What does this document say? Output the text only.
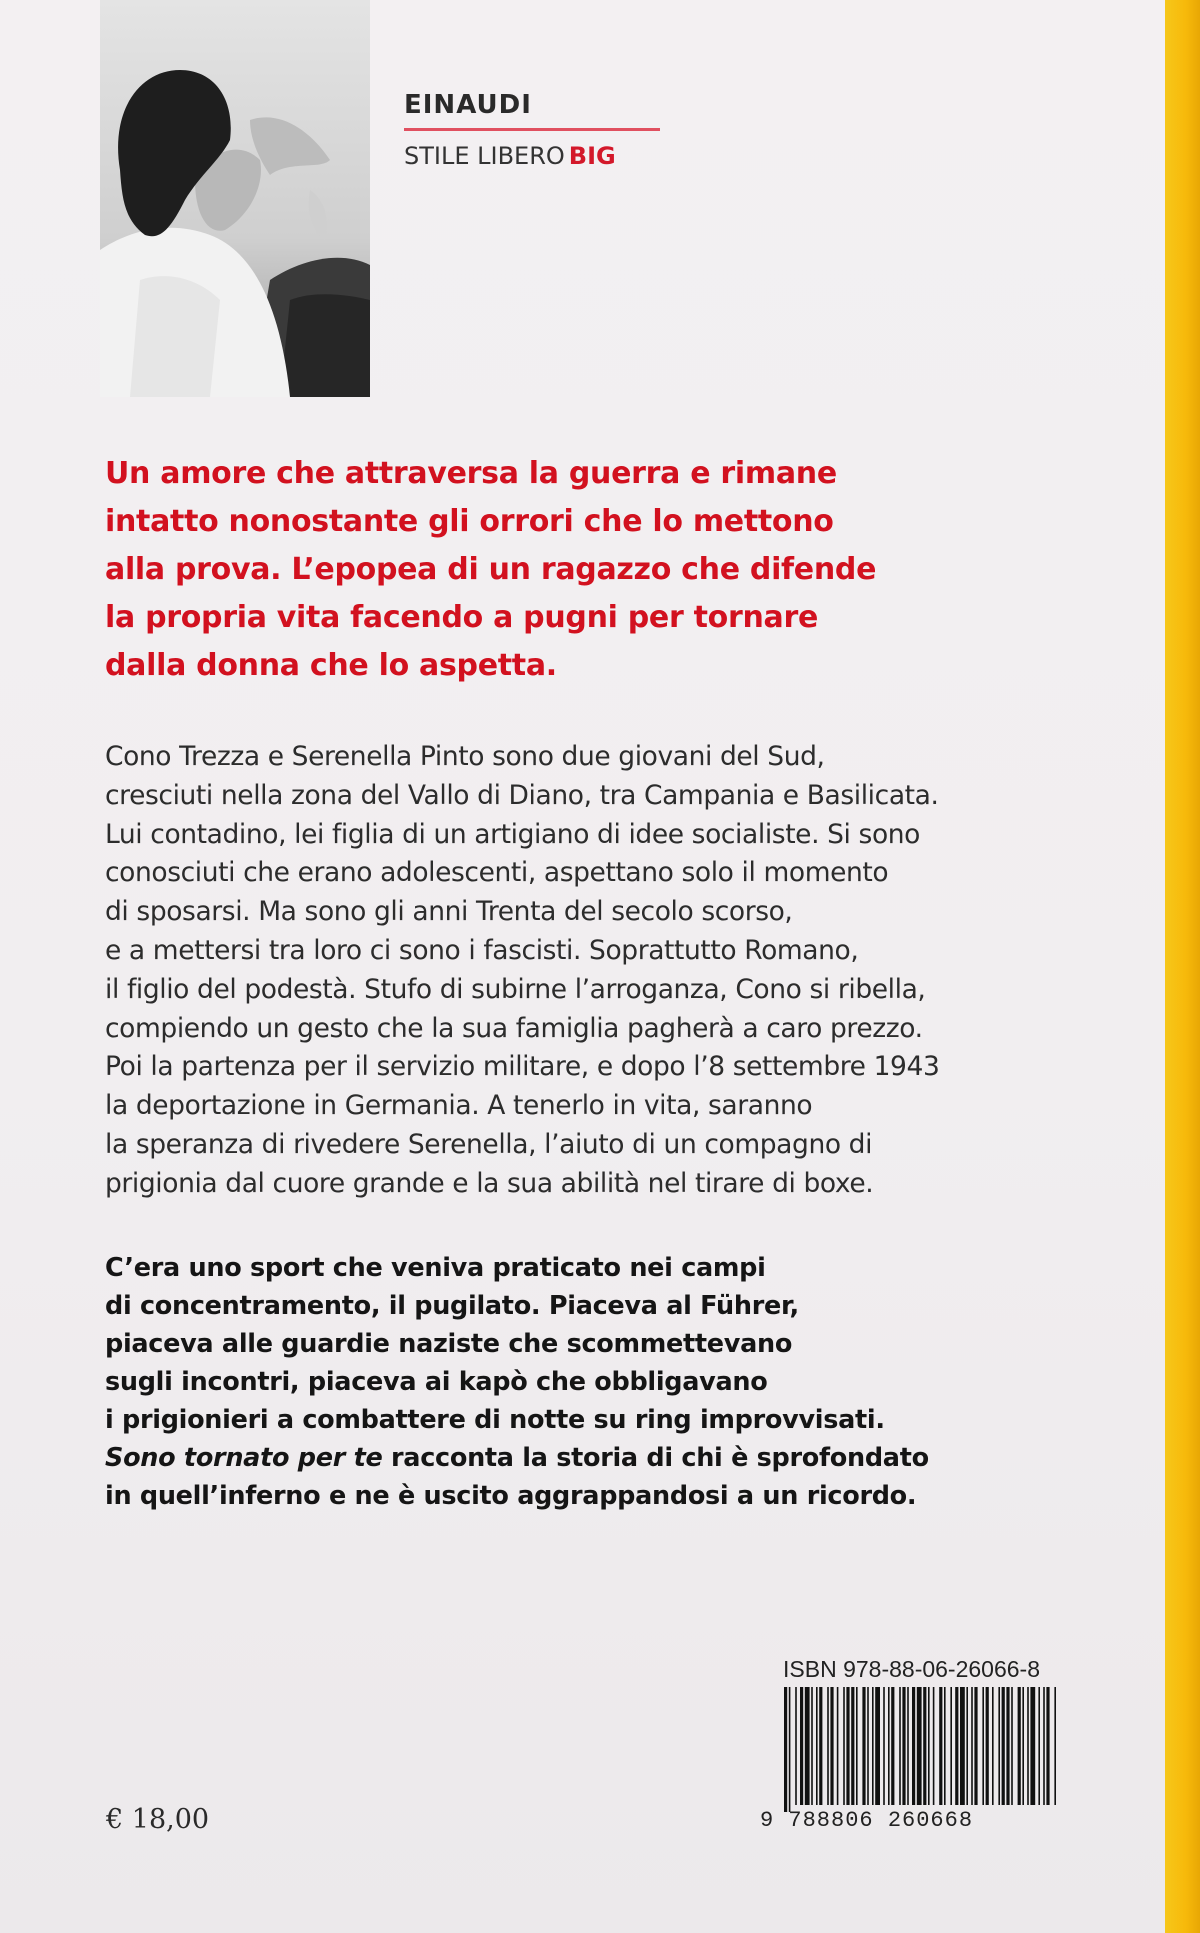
EINAUDI
STILE LIBERO BIG
Un amore che attraversa la guerra e rimane
intatto nonostante gli orrori che lo mettono
alla prova. L’epopea di un ragazzo che difende
la propria vita facendo a pugni per tornare
dalla donna che lo aspetta.
Cono Trezza e Serenella Pinto sono due giovani del Sud,
cresciuti nella zona del Vallo di Diano, tra Campania e Basilicata.
Lui contadino, lei figlia di un artigiano di idee socialiste. Si sono
conosciuti che erano adolescenti, aspettano solo il momento
di sposarsi. Ma sono gli anni Trenta del secolo scorso,
e a mettersi tra loro ci sono i fascisti. Soprattutto Romano,
il figlio del podestà. Stufo di subirne l’arroganza, Cono si ribella,
compiendo un gesto che la sua famiglia pagherà a caro prezzo.
Poi la partenza per il servizio militare, e dopo l’8 settembre 1943
la deportazione in Germania. A tenerlo in vita, saranno
la speranza di rivedere Serenella, l’aiuto di un compagno di
prigionia dal cuore grande e la sua abilità nel tirare di boxe.
C’era uno sport che veniva praticato nei campi
di concentramento, il pugilato. Piaceva al Führer,
piaceva alle guardie naziste che scommettevano
sugli incontri, piaceva ai kapò che obbligavano
i prigionieri a combattere di notte su ring improvvisati.
Sono tornato per te racconta la storia di chi è sprofondato
in quell’inferno e ne è uscito aggrappandosi a un ricordo.
ISBN 978-88-06-26066-8
9 788806 260668
€ 18,00
